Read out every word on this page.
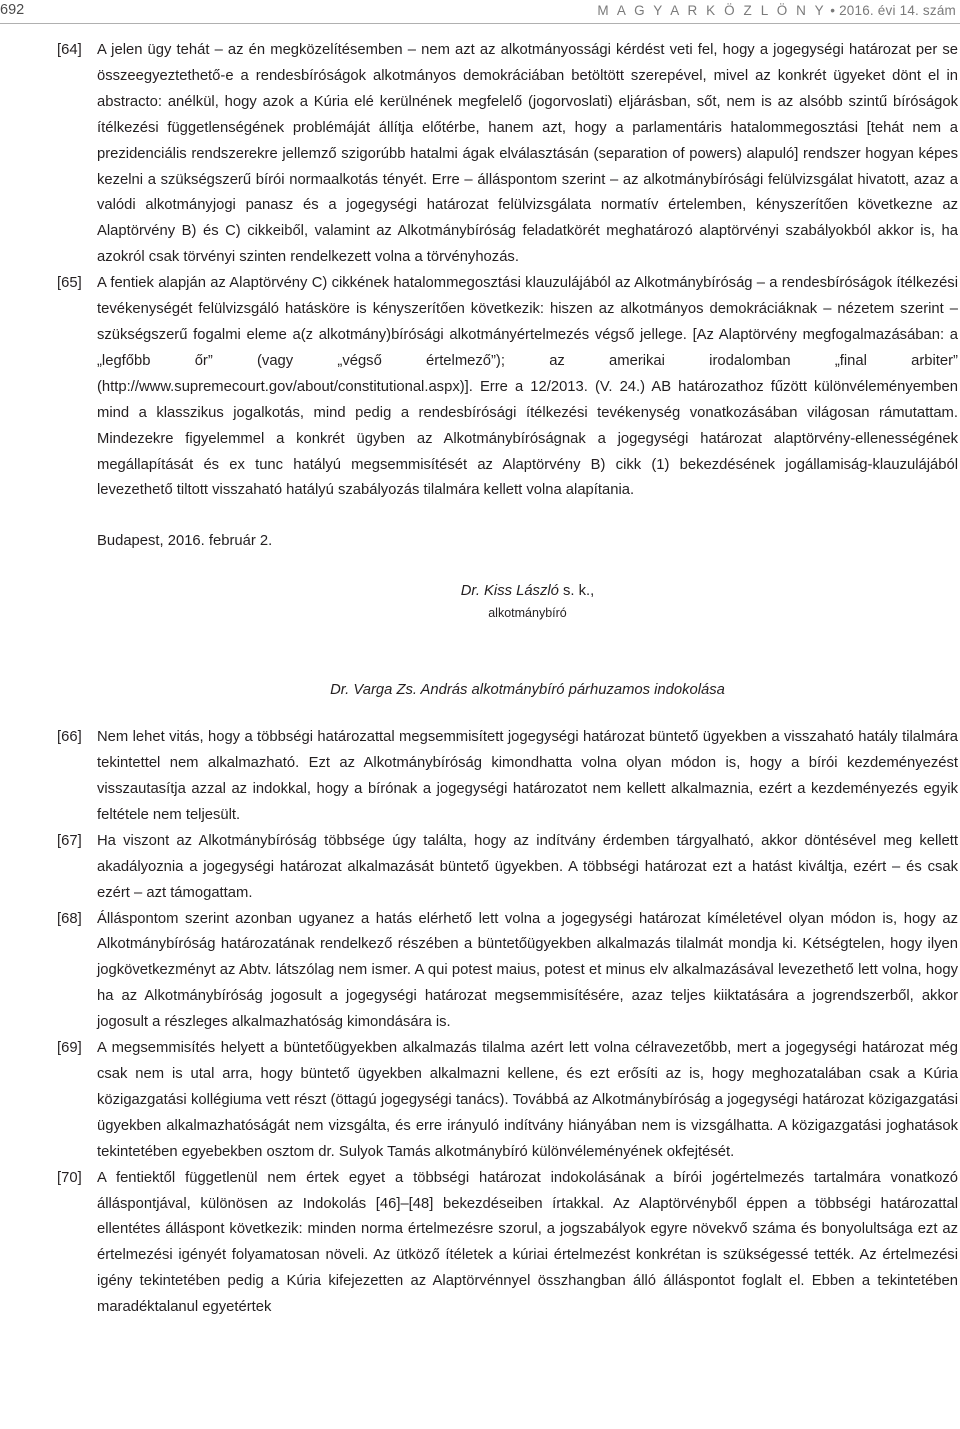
692	M A G Y A R K Ö Z L Ö N Y • 2016. évi 14. szám
[64] A jelen ügy tehát – az én megközelítésemben – nem azt az alkotmányossági kérdést veti fel, hogy a jogegységi határozat per se összeegyeztethető-e a rendesbíróságok alkotmányos demokráciában betöltött szerepével, mivel az konkrét ügyeket dönt el in abstracto: anélkül, hogy azok a Kúria elé kerülnének megfelelő (jogorvoslati) eljárásban, sőt, nem is az alsóbb szintű bíróságok ítélkezési függetlenségének problémáját állítja előtérbe, hanem azt, hogy a parlamentáris hatalommegosztási [tehát nem a prezidenciális rendszerekre jellemző szigorúbb hatalmi ágak elválasztásán (separation of powers) alapuló] rendszer hogyan képes kezelni a szükségszerű bírói normaalkotás tényét. Erre – álláspontom szerint – az alkotmánybírósági felülvizsgálat hivatott, azaz a valódi alkotmányjogi panasz és a jogegységi határozat felülvizsgálata normatív értelemben, kényszerítően következne az Alaptörvény B) és C) cikkeiből, valamint az Alkotmánybíróság feladatkörét meghatározó alaptörvényi szabályokból akkor is, ha azokról csak törvényi szinten rendelkezett volna a törvényhozás.
[65] A fentiek alapján az Alaptörvény C) cikkének hatalommegosztási klauzulájából az Alkotmánybíróság – a rendesbíróságok ítélkezési tevékenységét felülvizsgáló hatásköre is kényszerítően következik: hiszen az alkotmányos demokráciáknak – nézetem szerint – szükségszerű fogalmi eleme a(z alkotmány)bírósági alkotmányértelmezés végső jellege. [Az Alaptörvény megfogalmazásában: a „legfőbb őr” (vagy „végső értelmező”); az amerikai irodalomban „final arbiter” (http://www.supremecourt.gov/about/constitutional.aspx)]. Erre a 12/2013. (V. 24.) AB határozathoz fűzött különvéleményemben mind a klasszikus jogalkotás, mind pedig a rendesbírósági ítélkezési tevékenység vonatkozásában világosan rámutattam. Mindezekre figyelemmel a konkrét ügyben az Alkotmánybíróságnak a jogegységi határozat alaptörvény-ellenességének megállapítását és ex tunc hatályú megsemmisítését az Alaptörvény B) cikk (1) bekezdésének jogállamiság-klauzulájából levezethető tiltott visszaható hatályú szabályozás tilalmára kellett volna alapítania.
Budapest, 2016. február 2.
Dr. Kiss László s. k.,
alkotmánybíró
Dr. Varga Zs. András alkotmánybíró párhuzamos indokolása
[66] Nem lehet vitás, hogy a többségi határozattal megsemmisített jogegységi határozat büntető ügyekben a visszaható hatály tilalmára tekintettel nem alkalmazható. Ezt az Alkotmánybíróság kimondhatta volna olyan módon is, hogy a bírói kezdeményezést visszautasítja azzal az indokkal, hogy a bírónak a jogegységi határozatot nem kellett alkalmaznia, ezért a kezdeményezés egyik feltétele nem teljesült.
[67] Ha viszont az Alkotmánybíróság többsége úgy találta, hogy az indítvány érdemben tárgyalható, akkor döntésével meg kellett akadályoznia a jogegységi határozat alkalmazását büntető ügyekben. A többségi határozat ezt a hatást kiváltja, ezért – és csak ezért – azt támogattam.
[68] Álláspontom szerint azonban ugyanez a hatás elérhető lett volna a jogegységi határozat kíméletével olyan módon is, hogy az Alkotmánybíróság határozatának rendelkező részében a büntetőügyekben alkalmazás tilalmát mondja ki. Kétségtelen, hogy ilyen jogkövetkezményt az Abtv. látszólag nem ismer. A qui potest maius, potest et minus elv alkalmazásával levezethető lett volna, hogy ha az Alkotmánybíróság jogosult a jogegységi határozat megsemmisítésére, azaz teljes kiiktatására a jogrendszerből, akkor jogosult a részleges alkalmazhatóság kimondására is.
[69] A megsemmisítés helyett a büntetőügyekben alkalmazás tilalma azért lett volna célravezetőbb, mert a jogegységi határozat még csak nem is utal arra, hogy büntető ügyekben alkalmazni kellene, és ezt erősíti az is, hogy meghozatalában csak a Kúria közigazgatási kollégiuma vett részt (öttagú jogegységi tanács). Továbbá az Alkotmánybíróság a jogegységi határozat közigazgatási ügyekben alkalmazhatóságát nem vizsgálta, és erre irányuló indítvány hiányában nem is vizsgálhatta. A közigazgatási joghatások tekintetében egyebekben osztom dr. Sulyok Tamás alkotmánybíró különvéleményének okfejtését.
[70] A fentiektől függetlenül nem értek egyet a többségi határozat indokolásának a bírói jogértelmezés tartalmára vonatkozó álláspontjával, különösen az Indokolás [46]–[48] bekezdéseiben írtakkal. Az Alaptörvényből éppen a többségi határozattal ellentétes álláspont következik: minden norma értelmezésre szorul, a jogszabályok egyre növekvő száma és bonyolultsága ezt az értelmezési igényét folyamatosan növeli. Az ütköző ítéletek a kúriai értelmezést konkrétan is szükségessé tették. Az értelmezési igény tekintetében pedig a Kúria kifejezetten az Alaptörvénnyel összhangban álló álláspontot foglalt el. Ebben a tekintetében maradéktalanul egyetértek
